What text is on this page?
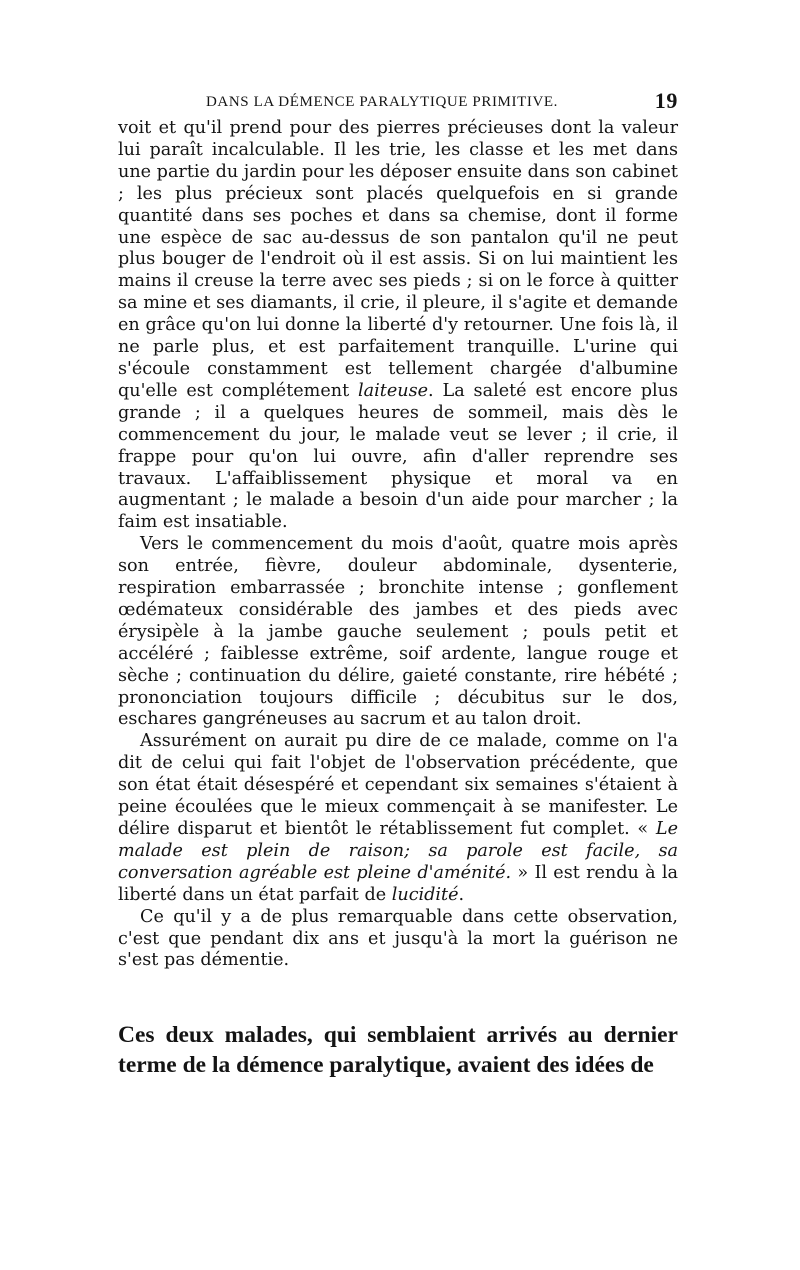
DANS LA DÉMENCE PARALYTIQUE PRIMITIVE.	19

voit et qu'il prend pour des pierres précieuses dont la valeur lui paraît incalculable. Il les trie, les classe et les met dans une partie du jardin pour les déposer ensuite dans son cabinet ; les plus précieux sont placés quelquefois en si grande quantité dans ses poches et dans sa chemise, dont il forme une espèce de sac au-dessus de son pantalon qu'il ne peut plus bouger de l'endroit où il est assis. Si on lui maintient les mains il creuse la terre avec ses pieds ; si on le force à quitter sa mine et ses diamants, il crie, il pleure, il s'agite et demande en grâce qu'on lui donne la liberté d'y retourner. Une fois là, il ne parle plus, et est parfaitement tranquille. L'urine qui s'écoule constamment est tellement chargée d'albumine qu'elle est complétement laiteuse. La saleté est encore plus grande ; il a quelques heures de sommeil, mais dès le commencement du jour, le malade veut se lever ; il crie, il frappe pour qu'on lui ouvre, afin d'aller reprendre ses travaux. L'affaiblissement physique et moral va en augmentant ; le malade a besoin d'un aide pour marcher ; la faim est insatiable.

Vers le commencement du mois d'août, quatre mois après son entrée, fièvre, douleur abdominale, dysenterie, respiration embarrassée ; bronchite intense ; gonflement œdémateux considérable des jambes et des pieds avec érysipèle à la jambe gauche seulement ; pouls petit et accéléré ; faiblesse extrême, soif ardente, langue rouge et sèche ; continuation du délire, gaieté constante, rire hébété ; prononciation toujours difficile ; décubitus sur le dos, eschares gangréneuses au sacrum et au talon droit.

Assurément on aurait pu dire de ce malade, comme on l'a dit de celui qui fait l'objet de l'observation précédente, que son état était désespéré et cependant six semaines s'étaient à peine écoulées que le mieux commençait à se manifester. Le délire disparut et bientôt le rétablissement fut complet. « Le malade est plein de raison; sa parole est facile, sa conversation agréable est pleine d'aménité. » Il est rendu à la liberté dans un état parfait de lucidité.

Ce qu'il y a de plus remarquable dans cette observation, c'est que pendant dix ans et jusqu'à la mort la guérison ne s'est pas démentie.

Ces deux malades, qui semblaient arrivés au dernier terme de la démence paralytique, avaient des idées de
